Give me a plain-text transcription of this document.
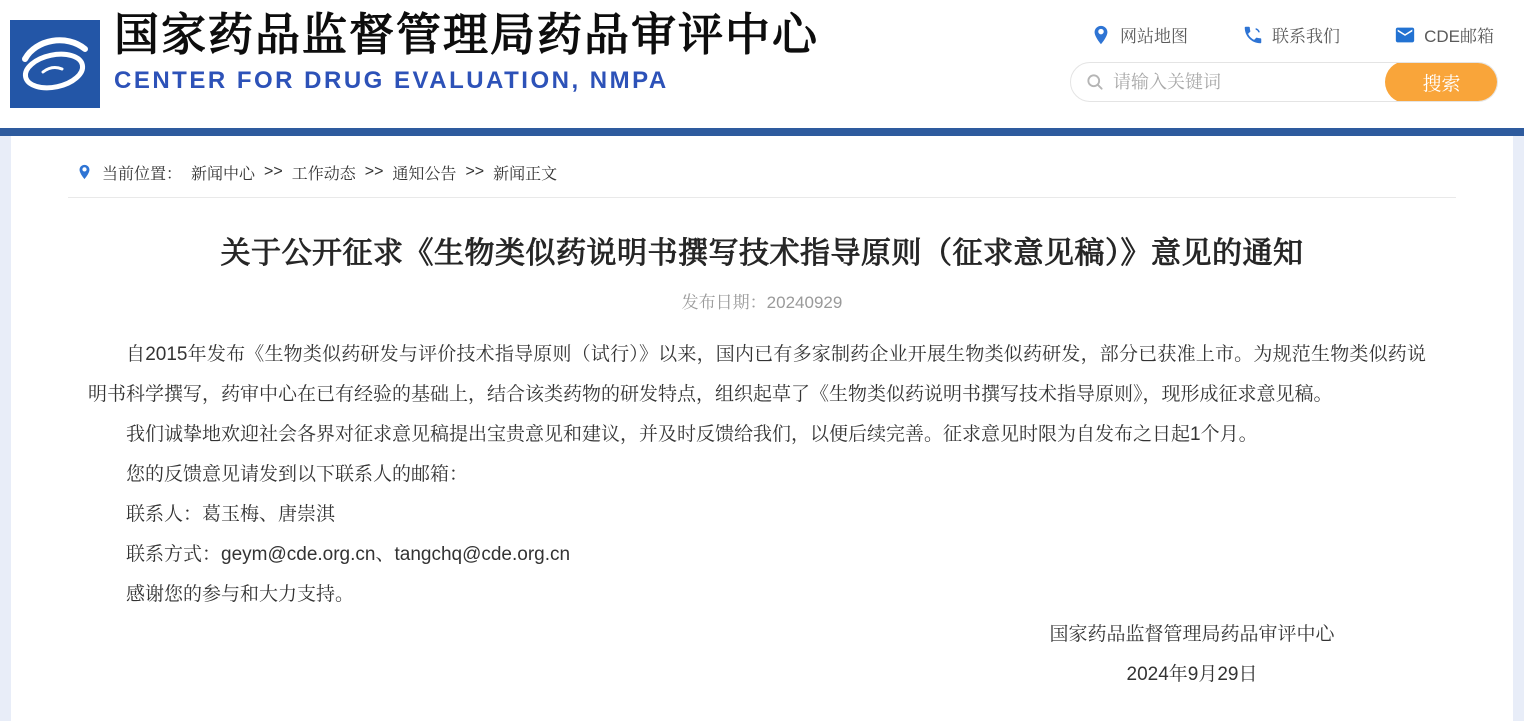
国家药品监督管理局药品审评中心
CENTER FOR DRUG EVALUATION, NMPA
网站地图	联系我们	CDE邮箱
请输入关键词
搜索
当前位置： 新闻中心 >> 工作动态 >> 通知公告 >> 新闻正文
关于公开征求《生物类似药说明书撰写技术指导原则（征求意见稿）》意见的通知
发布日期：20240929

自2015年发布《生物类似药研发与评价技术指导原则（试行）》以来，国内已有多家制药企业开展生物类似药研发，部分已获准上市。为规范生物类似药说明书科学撰写，药审中心在已有经验的基础上，结合该类药物的研发特点，组织起草了《生物类似药说明书撰写技术指导原则》，现形成征求意见稿。

我们诚挚地欢迎社会各界对征求意见稿提出宝贵意见和建议，并及时反馈给我们，以便后续完善。征求意见时限为自发布之日起1个月。

您的反馈意见请发到以下联系人的邮箱：

联系人：葛玉梅、唐崇淇

联系方式：geym@cde.org.cn、tangchq@cde.org.cn

感谢您的参与和大力支持。

国家药品监督管理局药品审评中心
2024年9月29日
